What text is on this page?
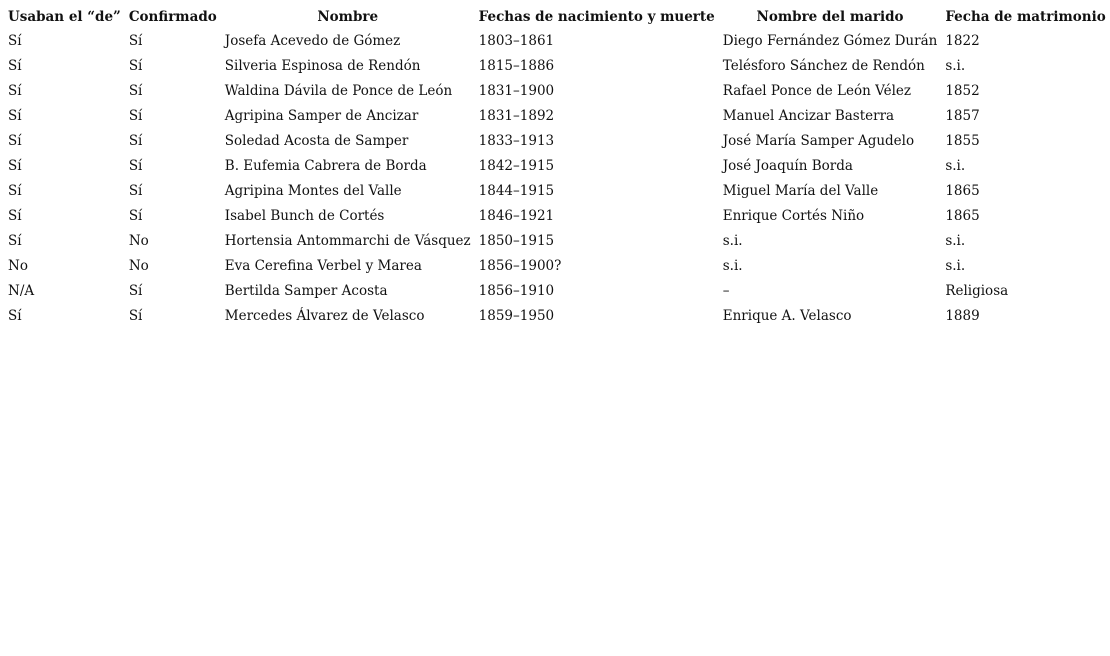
Usaban el “de”	Confirmado	Nombre	Fechas de nacimiento y muerte	Nombre del marido	Fecha de matrimonio
Sí	Sí	Josefa Acevedo de Gómez	1803–1861	Diego Fernández Gómez Durán	1822
Sí	Sí	Silveria Espinosa de Rendón	1815–1886	Telésforo Sánchez de Rendón	s.i.
Sí	Sí	Waldina Dávila de Ponce de León	1831–1900	Rafael Ponce de León Vélez	1852
Sí	Sí	Agripina Samper de Ancizar	1831–1892	Manuel Ancizar Basterra	1857
Sí	Sí	Soledad Acosta de Samper	1833–1913	José María Samper Agudelo	1855
Sí	Sí	B. Eufemia Cabrera de Borda	1842–1915	José Joaquín Borda	s.i.
Sí	Sí	Agripina Montes del Valle	1844–1915	Miguel María del Valle	1865
Sí	Sí	Isabel Bunch de Cortés	1846–1921	Enrique Cortés Niño	1865
Sí	No	Hortensia Antommarchi de Vásquez	1850–1915	s.i.	s.i.
No	No	Eva Cerefina Verbel y Marea	1856–1900?	s.i.	s.i.
N/A	Sí	Bertilda Samper Acosta	1856–1910	–	Religiosa
Sí	Sí	Mercedes Álvarez de Velasco	1859–1950	Enrique A. Velasco	1889
